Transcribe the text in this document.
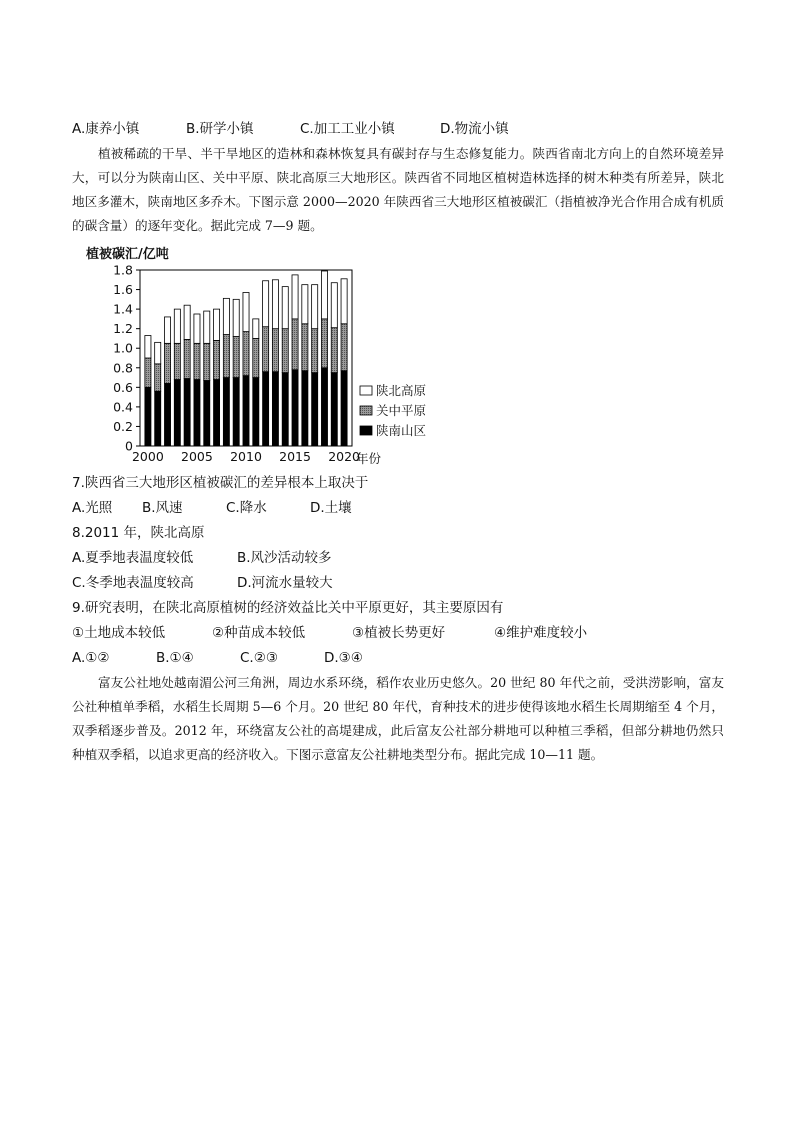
A.康养小镇	B.研学小镇	C.加工工业小镇	D.物流小镇
植被稀疏的干旱、半干旱地区的造林和森林恢复具有碳封存与生态修复能力。陕西省南北方向上的自然环境差异大，可以分为陕南山区、关中平原、陕北高原三大地形区。陕西省不同地区植树造林选择的树木种类有所差异，陕北地区多灌木，陕南地区多乔木。下图示意 2000—2020 年陕西省三大地形区植被碳汇（指植被净光合作用合成有机质的碳含量）的逐年变化。据此完成 7—9 题。
植被碳汇/亿吨
年份
0
0.2
0.4
0.6
0.8
1.0
1.2
1.4
1.6
1.8
2000 2005 2010 2015 2020
陕北高原
关中平原
陕南山区
7.陕西省三大地形区植被碳汇的差异根本上取决于
A.光照 B.风速	C.降水	D.土壤
8.2011 年，陕北高原
A.夏季地表温度较低	B.风沙活动较多
C.冬季地表温度较高	D.河流水量较大
9.研究表明，在陕北高原植树的经济效益比关中平原更好，其主要原因有
①土地成本较低	②种苗成本较低	③植被长势更好	④维护难度较小
A.①②	B.①④	C.②③	D.③④
富友公社地处越南湄公河三角洲，周边水系环绕，稻作农业历史悠久。20 世纪 80 年代之前，受洪涝影响，富友公社种植单季稻，水稻生长周期 5—6 个月。20 世纪 80 年代，育种技术的进步使得该地水稻生长周期缩至 4 个月，双季稻逐步普及。2012 年，环绕富友公社的高堤建成，此后富友公社部分耕地可以种植三季稻，但部分耕地仍然只种植双季稻，以追求更高的经济收入。下图示意富友公社耕地类型分布。据此完成 10—11 题。
